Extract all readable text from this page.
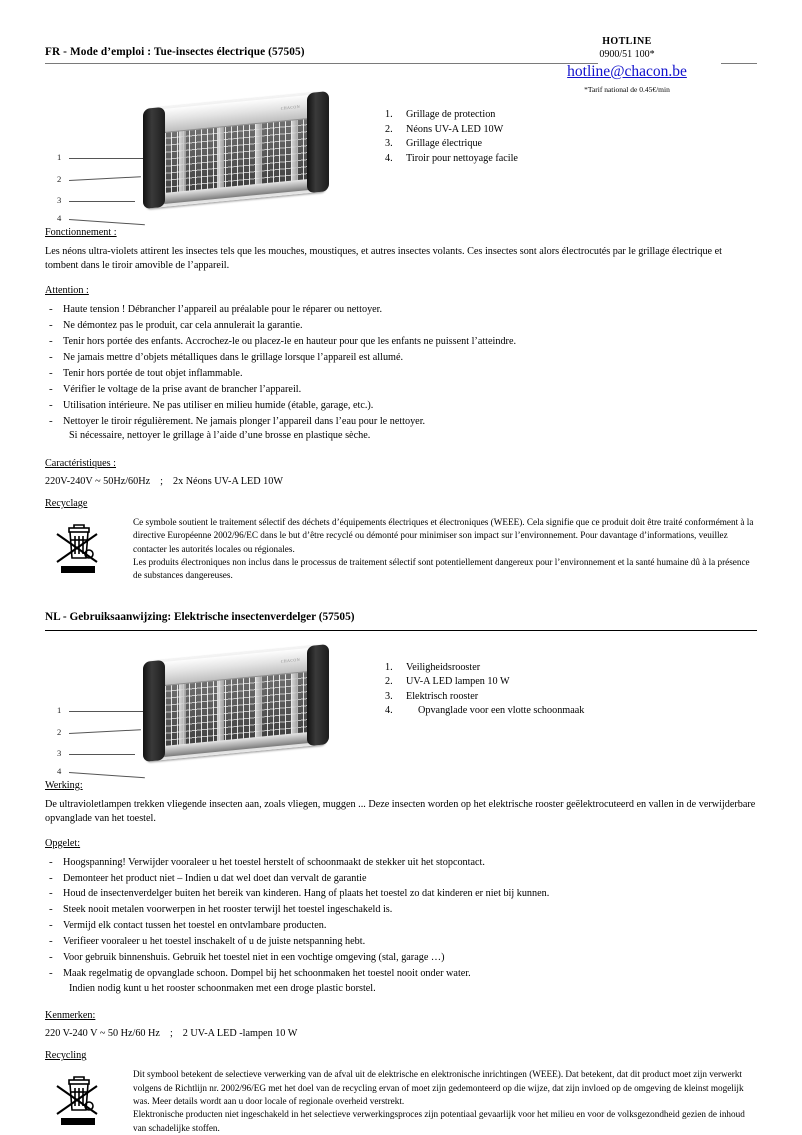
FR - Mode d’emploi : Tue-insectes électrique (57505)
HOTLINE
0900/51 100*
hotline@chacon.be
*Tarif national de 0.45€/min
1
2
3
4
CHACON
1. Grillage de protection
2. Néons UV-A LED 10W
3. Grillage électrique
4. Tiroir pour nettoyage facile
Fonctionnement :

Les néons ultra-violets attirent les insectes tels que les mouches, moustiques, et autres insectes volants. Ces insectes sont alors électrocutés par le grillage électrique et tombent dans le tiroir amovible de l’appareil.

Attention :
- Haute tension ! Débrancher l’appareil au préalable pour le réparer ou nettoyer.
- Ne démontez pas le produit, car cela annulerait la garantie.
- Tenir hors portée des enfants. Accrochez-le ou placez-le en hauteur pour que les enfants ne puissent l’atteindre.
- Ne jamais mettre d’objets métalliques dans le grillage lorsque l’appareil est allumé.
- Tenir hors portée de tout objet inflammable.
- Vérifier le voltage de la prise avant de brancher l’appareil.
- Utilisation intérieure. Ne pas utiliser en milieu humide (étable, garage, etc.).
- Nettoyer le tiroir régulièrement. Ne jamais plonger l’appareil dans l’eau pour le nettoyer.
Si nécessaire, nettoyer le grillage à l’aide d’une brosse en plastique sèche.
Caractéristiques :
220V-240V ~ 50Hz/60Hz ; 2x Néons UV-A LED 10W
Recyclage

Ce symbole soutient le traitement sélectif des déchets d’équipements électriques et électroniques (WEEE). Cela signifie que ce produit doit être traité conformément à la directive Européenne 2002/96/EC dans le but d’être recyclé ou démonté pour minimiser son impact sur l’environnement. Pour davantage d’informations, veuillez contacter les autorités locales ou régionales.

Les produits électroniques non inclus dans le processus de traitement sélectif sont potentiellement dangereux pour l’environnement et la santé humaine dû à la présence de substances dangereuses.

NL - Gebruiksaanwijzing: Elektrische insectenverdelger (57505)
1
2
3
4
CHACON
1. Veiligheidsrooster
2. UV-A LED lampen 10 W
3. Elektrisch rooster
4. Opvanglade voor een vlotte schoonmaak
Werking:

De ultravioletlampen trekken vliegende insecten aan, zoals vliegen, muggen ... Deze insecten worden op het elektrische rooster geëlektrocuteerd en vallen in de verwijderbare opvanglade van het toestel.

Opgelet:
- Hoogspanning! Verwijder vooraleer u het toestel herstelt of schoonmaakt de stekker uit het stopcontact.
- Demonteer het product niet – Indien u dat wel doet dan vervalt de garantie
- Houd de insectenverdelger buiten het bereik van kinderen. Hang of plaats het toestel zo dat kinderen er niet bij kunnen.
- Steek nooit metalen voorwerpen in het rooster terwijl het toestel ingeschakeld is.
- Vermijd elk contact tussen het toestel en ontvlambare producten.
- Verifieer vooraleer u het toestel inschakelt of u de juiste netspanning hebt.
- Voor gebruik binnenshuis. Gebruik het toestel niet in een vochtige omgeving (stal, garage …)
- Maak regelmatig de opvanglade schoon. Dompel bij het schoonmaken het toestel nooit onder water.
Indien nodig kunt u het rooster schoonmaken met een droge plastic borstel.
Kenmerken:
220 V-240 V ~ 50 Hz/60 Hz ; 2 UV-A LED -lampen 10 W
Recycling

Dit symbool betekent de selectieve verwerking van de afval uit de elektrische en elektronische inrichtingen (WEEE). Dat betekent, dat dit product moet zijn verwerkt volgens de Richtlijn nr. 2002/96/EG met het doel van de recycling ervan of moet zijn gedemonteerd op die wijze, dat zijn invloed op de omgeving de kleinst mogelijk was. Meer details wordt aan u door locale of regionale overheid verstrekt.

Elektronische producten niet ingeschakeld in het selectieve verwerkingsproces zijn potentiaal gevaarlijk voor het milieu en voor de volksgezondheid gezien de inhoud van schadelijke stoffen.
